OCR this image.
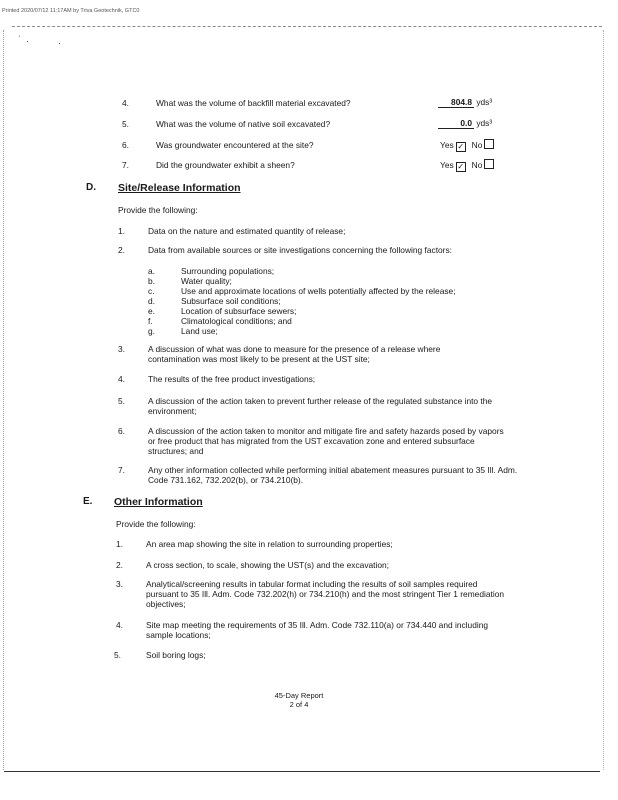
Printed 2020/07/12 11:17AM by Triva Geotechnik, GTC0
ˈ ·	·
4.	What was the volume of backfill material excavated?	804.8 yds³
5.	What was the volume of native soil excavated?	0.0 yds³
6.	Was groundwater encountered at the site?	Yes ✓ No
7.	Did the groundwater exhibit a sheen?	Yes ✓ No
D. Site/Release Information
Provide the following:
1.	Data on the nature and estimated quantity of release;
2.	Data from available sources or site investigations concerning the following factors:
a.	Surrounding populations;
b.	Water quality;
c.	Use and approximate locations of wells potentially affected by the release;
d.	Subsurface soil conditions;
e.	Location of subsurface sewers;
f.	Climatological conditions; and
g.	Land use;
3.	A discussion of what was done to measure for the presence of a release where contamination was most likely to be present at the UST site;
4.	The results of the free product investigations;
5.	A discussion of the action taken to prevent further release of the regulated substance into the environment;
6.	A discussion of the action taken to monitor and mitigate fire and safety hazards posed by vapors or free product that has migrated from the UST excavation zone and entered subsurface structures; and
7.	Any other information collected while performing initial abatement measures pursuant to 35 Ill. Adm. Code 731.162, 732.202(b), or 734.210(b).
E. Other Information
Provide the following:
1.	An area map showing the site in relation to surrounding properties;
2.	A cross section, to scale, showing the UST(s) and the excavation;
3.	Analytical/screening results in tabular format including the results of soil samples required pursuant to 35 Ill. Adm. Code 732.202(h) or 734.210(h) and the most stringent Tier 1 remediation objectives;
4.	Site map meeting the requirements of 35 Ill. Adm. Code 732.110(a) or 734.440 and including sample locations;
5.	Soil boring logs;
45-Day Report
2 of 4
